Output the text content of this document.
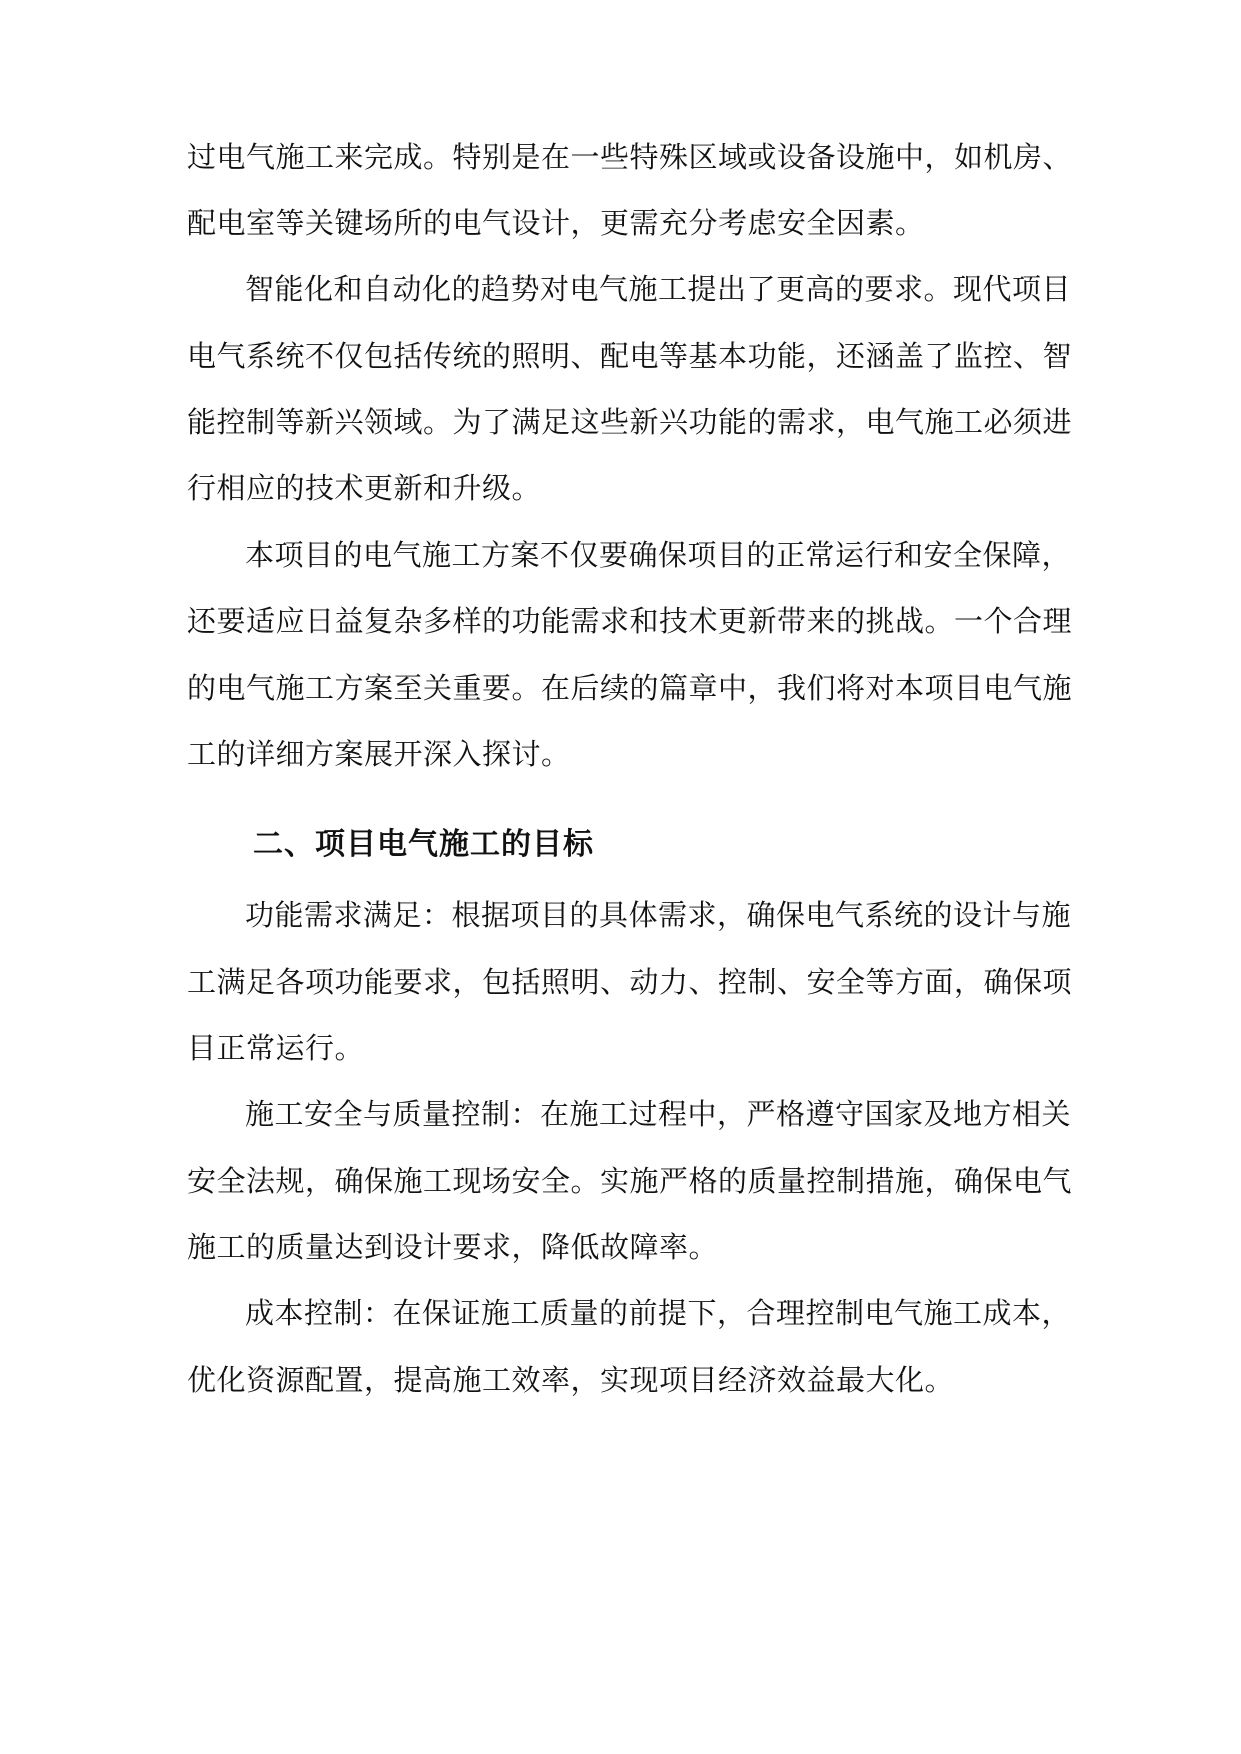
过电气施工来完成。特别是在一些特殊区域或设备设施中，如机房、
配电室等关键场所的电气设计，更需充分考虑安全因素。
智能化和自动化的趋势对电气施工提出了更高的要求。现代项目
电气系统不仅包括传统的照明、配电等基本功能，还涵盖了监控、智
能控制等新兴领域。为了满足这些新兴功能的需求，电气施工必须进
行相应的技术更新和升级。
本项目的电气施工方案不仅要确保项目的正常运行和安全保障，
还要适应日益复杂多样的功能需求和技术更新带来的挑战。一个合理
的电气施工方案至关重要。在后续的篇章中，我们将对本项目电气施
工的详细方案展开深入探讨。
二、项目电气施工的目标
功能需求满足：根据项目的具体需求，确保电气系统的设计与施
工满足各项功能要求，包括照明、动力、控制、安全等方面，确保项
目正常运行。
施工安全与质量控制：在施工过程中，严格遵守国家及地方相关
安全法规，确保施工现场安全。实施严格的质量控制措施，确保电气
施工的质量达到设计要求，降低故障率。
成本控制：在保证施工质量的前提下，合理控制电气施工成本，
优化资源配置，提高施工效率，实现项目经济效益最大化。
